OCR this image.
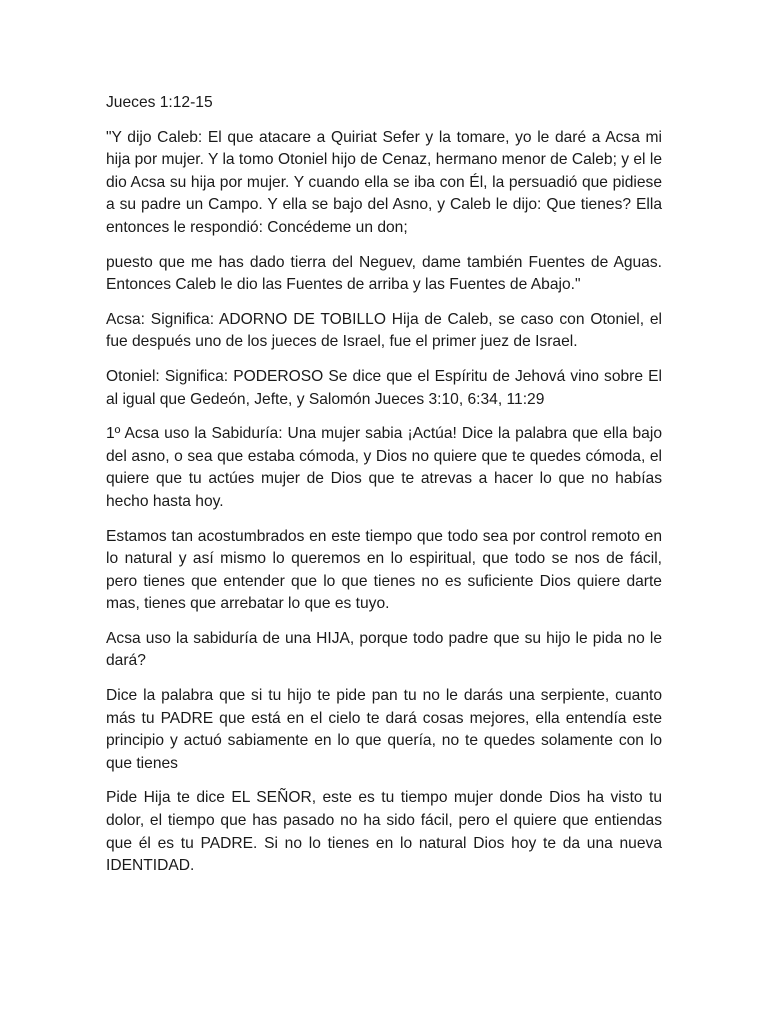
Jueces 1:12-15

"Y dijo Caleb: El que atacare a Quiriat Sefer y la tomare, yo le daré a Acsa mi hija por mujer. Y la tomo Otoniel hijo de Cenaz, hermano menor de Caleb; y el le dio Acsa su hija por mujer. Y cuando ella se iba con Él, la persuadió que pidiese a su padre un Campo. Y ella se bajo del Asno, y Caleb le dijo: Que tienes? Ella entonces le respondió: Concédeme un don;

puesto que me has dado tierra del Neguev, dame también Fuentes de Aguas. Entonces Caleb le dio las Fuentes de arriba y las Fuentes de Abajo."

Acsa: Significa: ADORNO DE TOBILLO Hija de Caleb, se caso con Otoniel, el fue después uno de los jueces de Israel, fue el primer juez de Israel.

Otoniel: Significa: PODEROSO Se dice que el Espíritu de Jehová vino sobre El al igual que Gedeón, Jefte, y Salomón Jueces 3:10, 6:34, 11:29

1º Acsa uso la Sabiduría: Una mujer sabia ¡Actúa! Dice la palabra que ella bajo del asno, o sea que estaba cómoda, y Dios no quiere que te quedes cómoda, el quiere que tu actúes mujer de Dios que te atrevas a hacer lo que no habías hecho hasta hoy.

Estamos tan acostumbrados en este tiempo que todo sea por control remoto en lo natural y así mismo lo queremos en lo espiritual, que todo se nos de fácil, pero tienes que entender que lo que tienes no es suficiente Dios quiere darte mas, tienes que arrebatar lo que es tuyo.

Acsa uso la sabiduría de una HIJA, porque todo padre que su hijo le pida no le dará?

Dice la palabra que si tu hijo te pide pan tu no le darás una serpiente, cuanto más tu PADRE que está en el cielo te dará cosas mejores, ella entendía este principio y actuó sabiamente en lo que quería, no te quedes solamente con lo que tienes

Pide Hija te dice EL SEÑOR, este es tu tiempo mujer donde Dios ha visto tu dolor, el tiempo que has pasado no ha sido fácil, pero el quiere que entiendas que él es tu PADRE. Si no lo tienes en lo natural Dios hoy te da una nueva IDENTIDAD.
